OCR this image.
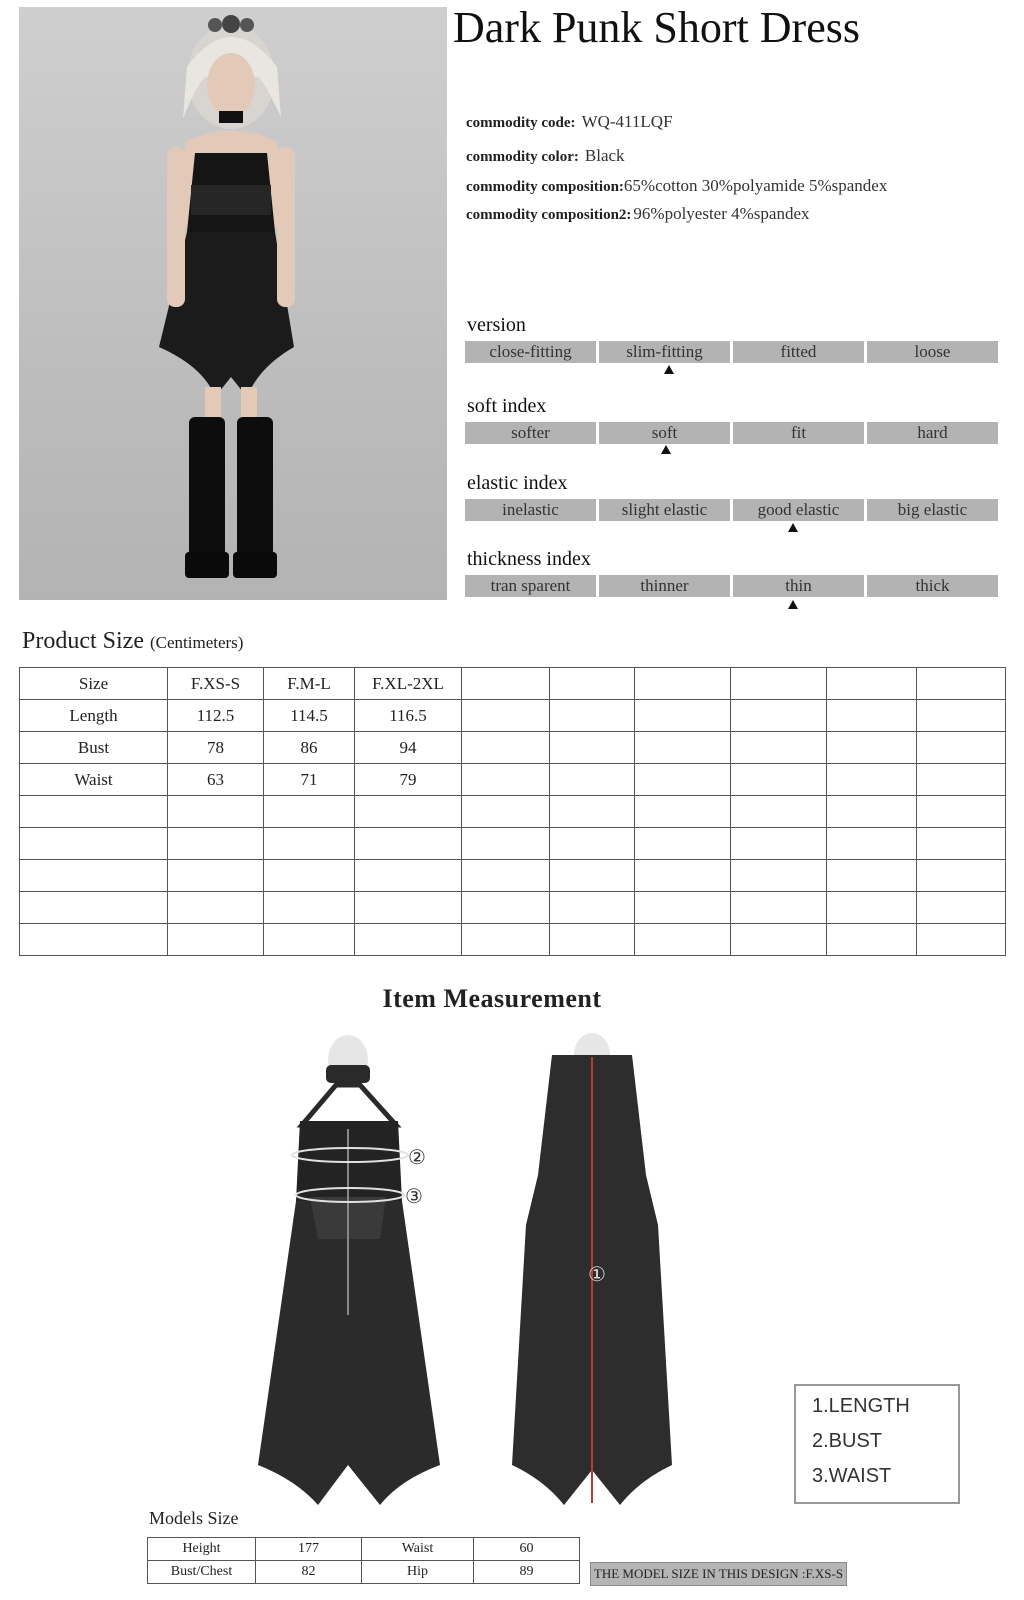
Dark Punk Short Dress
commodity code: WQ-411LQF
commodity color: Black
commodity composition:65%cotton 30%polyamide 5%spandex
commodity composition2: 96%polyester 4%spandex
version
close-fitting	slim-fitting	fitted	loose
soft index
softer	soft	fit	hard
elastic index
inelastic	slight elastic	good elastic	big elastic
thickness index
tran sparent	thinner	thin	thick
Product Size (Centimeters)
Size	F.XS-S	F.M-L	F.XL-2XL						
Length	112.5	114.5	116.5						
Bust	78	86	94						
Waist	63	71	79						

Item Measurement
②
③
①
1.LENGTH
2.BUST
3.WAIST
Models Size
Height	177	Waist	60
Bust/Chest	82	Hip	89	THE MODEL SIZE IN THIS DESIGN :F.XS-S
